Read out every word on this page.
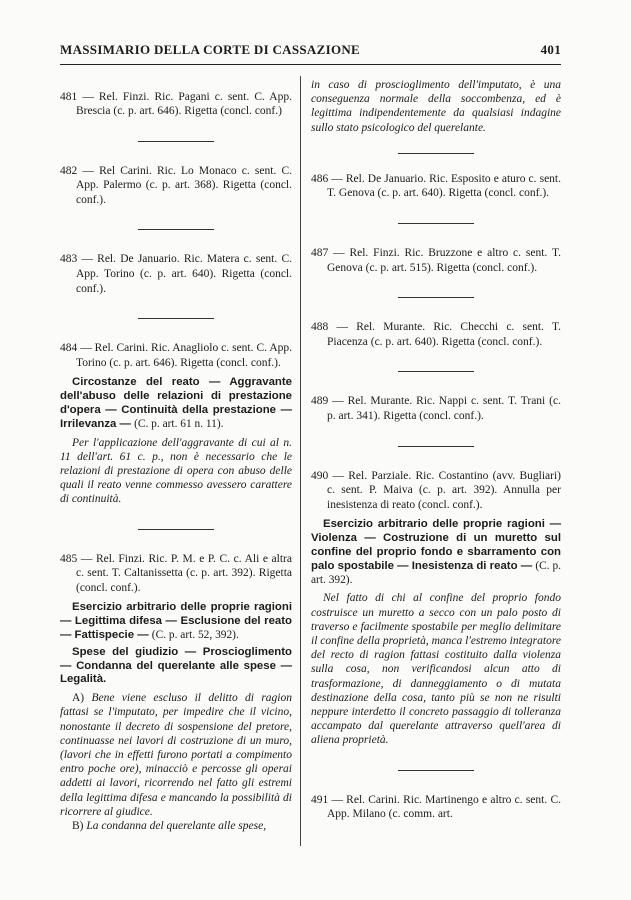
MASSIMARIO DELLA CORTE DI CASSAZIONE	401

481 — Rel. Finzi. Ric. Pagani c. sent. C. App. Brescia (c. p. art. 646). Rigetta (concl. conf.)

482 — Rel Carini. Ric. Lo Monaco c. sent. C. App. Palermo (c. p. art. 368). Rigetta (concl. conf.).

483 — Rel. De Januario. Ric. Matera c. sent. C. App. Torino (c. p. art. 640). Rigetta (concl. conf.).

484 — Rel. Carini. Ric. Anagliolo c. sent. C. App. Torino (c. p. art. 646). Rigetta (concl. conf.).

Circostanze del reato — Aggravante dell'abuso delle relazioni di prestazione d'opera — Continuità della prestazione — Irrilevanza — (C. p. art. 61 n. 11).

Per l'applicazione dell'aggravante di cui al n. 11 dell'art. 61 c. p., non è necessario che le relazioni di prestazione di opera con abuso delle quali il reato venne commesso avessero carattere di continuità.

485 — Rel. Finzi. Ric. P. M. e P. C. c. Ali e altra c. sent. T. Caltanissetta (c. p. art. 392). Rigetta (concl. conf.).

Esercizio arbitrario delle proprie ragioni — Legittima difesa — Esclusione del reato — Fattispecie — (C. p. art. 52, 392).

Spese del giudizio — Proscioglimento — Condanna del querelante alle spese — Legalità.

A) Bene viene escluso il delitto di ragion fattasi se l'imputato, per impedire che il vicino, nonostante il decreto di sospensione del pretore, continuasse nei lavori di costruzione di un muro, (lavori che in effetti furono portati a compimento entro poche ore), minacciò e percosse gli operai addetti ai lavori, ricorrendo nel fatto gli estremi della legittima difesa e mancando la possibilità di ricorrere al giudice.

B) La condanna del querelante alle spese,

in caso di proscioglimento dell'imputato, è una conseguenza normale della soccombenza, ed è legittima indipendentemente da qualsiasi indagine sullo stato psicologico del querelante.

486 — Rel. De Januario. Ric. Esposito e aturo c. sent. T. Genova (c. p. art. 640). Rigetta (concl. conf.).

487 — Rel. Finzi. Ric. Bruzzone e altro c. sent. T. Genova (c. p. art. 515). Rigetta (concl. conf.).

488 — Rel. Murante. Ric. Checchi c. sent. T. Piacenza (c. p. art. 640). Rigetta (concl. conf.).

489 — Rel. Murante. Ric. Nappi c. sent. T. Trani (c. p. art. 341). Rigetta (concl. conf.).

490 — Rel. Parziale. Ric. Costantino (avv. Bugliari) c. sent. P. Maiva (c. p. art. 392). Annulla per inesistenza di reato (concl. conf.).

Esercizio arbitrario delle proprie ragioni — Violenza — Costruzione di un muretto sul confine del proprio fondo e sbarramento con palo spostabile — Inesistenza di reato — (C. p. art. 392).

Nel fatto di chi al confine del proprio fondo costruisce un muretto a secco con un palo posto di traverso e facilmente spostabile per meglio delimitare il confine della proprietà, manca l'estremo integratore del recto di ragion fattasi costituito dalla violenza sulla cosa, non verificandosi alcun atto di trasformazione, di danneggiamento o di mutata destinazione della cosa, tanto più se non ne risulti neppure interdetto il concreto passaggio di tolleranza accampato dal querelante attraverso quell'area di aliena proprietà.

491 — Rel. Carini. Ric. Martinengo e altro c. sent. C. App. Milano (c. comm. art.
